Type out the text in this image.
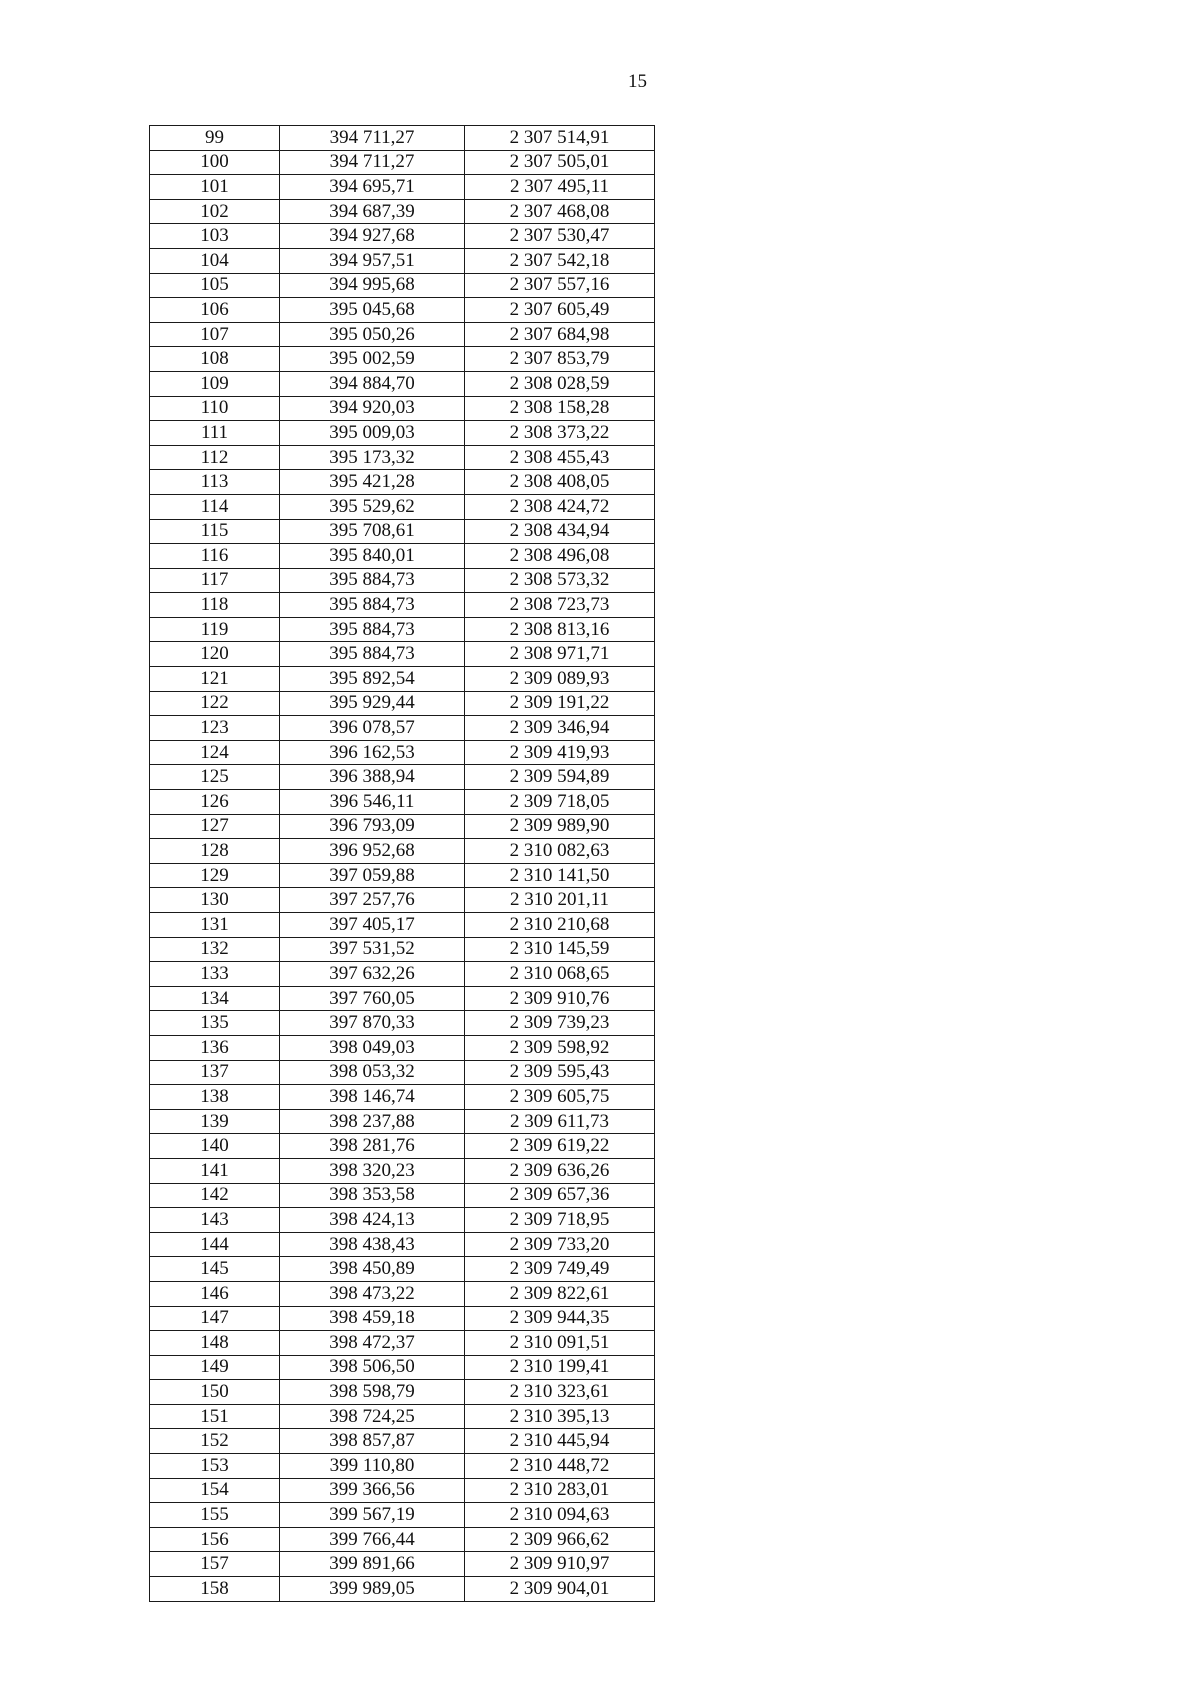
15
99	394 711,27	2 307 514,91
100	394 711,27	2 307 505,01
101	394 695,71	2 307 495,11
102	394 687,39	2 307 468,08
103	394 927,68	2 307 530,47
104	394 957,51	2 307 542,18
105	394 995,68	2 307 557,16
106	395 045,68	2 307 605,49
107	395 050,26	2 307 684,98
108	395 002,59	2 307 853,79
109	394 884,70	2 308 028,59
110	394 920,03	2 308 158,28
111	395 009,03	2 308 373,22
112	395 173,32	2 308 455,43
113	395 421,28	2 308 408,05
114	395 529,62	2 308 424,72
115	395 708,61	2 308 434,94
116	395 840,01	2 308 496,08
117	395 884,73	2 308 573,32
118	395 884,73	2 308 723,73
119	395 884,73	2 308 813,16
120	395 884,73	2 308 971,71
121	395 892,54	2 309 089,93
122	395 929,44	2 309 191,22
123	396 078,57	2 309 346,94
124	396 162,53	2 309 419,93
125	396 388,94	2 309 594,89
126	396 546,11	2 309 718,05
127	396 793,09	2 309 989,90
128	396 952,68	2 310 082,63
129	397 059,88	2 310 141,50
130	397 257,76	2 310 201,11
131	397 405,17	2 310 210,68
132	397 531,52	2 310 145,59
133	397 632,26	2 310 068,65
134	397 760,05	2 309 910,76
135	397 870,33	2 309 739,23
136	398 049,03	2 309 598,92
137	398 053,32	2 309 595,43
138	398 146,74	2 309 605,75
139	398 237,88	2 309 611,73
140	398 281,76	2 309 619,22
141	398 320,23	2 309 636,26
142	398 353,58	2 309 657,36
143	398 424,13	2 309 718,95
144	398 438,43	2 309 733,20
145	398 450,89	2 309 749,49
146	398 473,22	2 309 822,61
147	398 459,18	2 309 944,35
148	398 472,37	2 310 091,51
149	398 506,50	2 310 199,41
150	398 598,79	2 310 323,61
151	398 724,25	2 310 395,13
152	398 857,87	2 310 445,94
153	399 110,80	2 310 448,72
154	399 366,56	2 310 283,01
155	399 567,19	2 310 094,63
156	399 766,44	2 309 966,62
157	399 891,66	2 309 910,97
158	399 989,05	2 309 904,01
